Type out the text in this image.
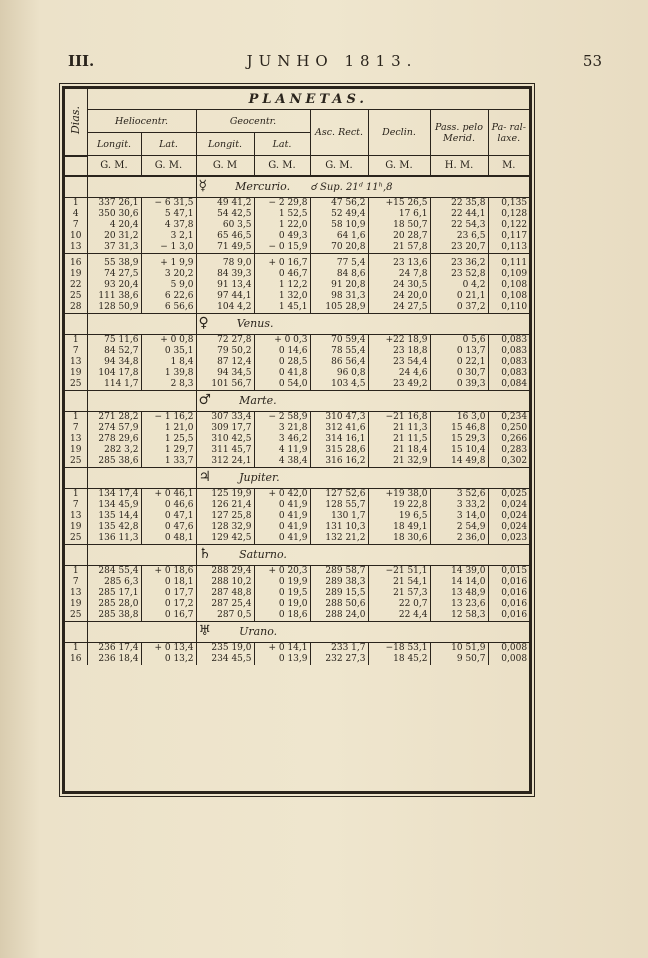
III.	JUNHO 1813.	53
Dias.	PLANETAS.							
	Heliocentr.		Geocentr.		Asc. Rect.	Declin.	Pass. pelo Merid.	Pa- ral- laxe.
	Longit.	Lat.	Longit.	Lat.				
	G. M.	G. M.	G. M	G. M.	G. M.	G. M.	H. M.	M.
			☿ Mercurio. ☌ Sup. 21ᵈ 11ʰ,8					
1	337 26,1	− 6 31,5	49 41,2	− 2 29,8	47 56,2	+15 26,5	22 35,8	0,135
4	350 30,6	5 47,1	54 42,5	1 52,5	52 49,4	17 6,1	22 44,1	0,128
7	4 20,4	4 37,8	60 3,5	1 22,0	58 10,9	18 50,7	22 54,3	0,122
10	20 31,2	3 2,1	65 46,5	0 49,3	64 1,6	20 28,7	23 6,5	0,117
13	37 31,3	− 1 3,0	71 49,5	− 0 15,9	70 20,8	21 57,8	23 20,7	0,113

16	55 38,9	+ 1 9,9	78 9,0	+ 0 16,7	77 5,4	23 13,6	23 36,2	0,111
19	74 27,5	3 20,2	84 39,3	0 46,7	84 8,6	24 7,8	23 52,8	0,109
22	93 20,4	5 9,0	91 13,4	1 12,2	91 20,8	24 30,5	0 4,2	0,108
25	111 38,6	6 22,6	97 44,1	1 32,0	98 31,3	24 20,0	0 21,1	0,108
28	128 50,9	6 56,6	104 4,2	1 45,1	105 28,9	24 27,5	0 37,2	0,110
			♀ Venus.					
1	75 11,6	+ 0 0,8	72 27,8	+ 0 0,3	70 59,4	+22 18,9	0 5,6	0,083
7	84 52,7	0 35,1	79 50,2	0 14,6	78 55,4	23 18,8	0 13,7	0,083
13	94 34,8	1 8,4	87 12,4	0 28,5	86 56,4	23 54,4	0 22,1	0,083
19	104 17,8	1 39,8	94 34,5	0 41,8	96 0,8	24 4,6	0 30,7	0,083
25	114 1,7	2 8,3	101 56,7	0 54,0	103 4,5	23 49,2	0 39,3	0,084
			♂ Marte.					
1	271 28,2	− 1 16,2	307 33,4	− 2 58,9	310 47,3	−21 16,8	16 3,0	0,234
7	274 57,9	1 21,0	309 17,7	3 21,8	312 41,6	21 11,3	15 46,8	0,250
13	278 29,6	1 25,5	310 42,5	3 46,2	314 16,1	21 11,5	15 29,3	0,266
19	282 3,2	1 29,7	311 45,7	4 11,9	315 28,6	21 18,4	15 10,4	0,283
25	285 38,6	1 33,7	312 24,1	4 38,4	316 16,2	21 32,9	14 49,8	0,302
			♃ Jupiter.					
1	134 17,4	+ 0 46,1	125 19,9	+ 0 42,0	127 52,6	+19 38,0	3 52,6	0,025
7	134 45,9	0 46,6	126 21,4	0 41,9	128 55,7	19 22,8	3 33,2	0,024
13	135 14,4	0 47,1	127 25,8	0 41,9	130 1,7	19 6,5	3 14,0	0,024
19	135 42,8	0 47,6	128 32,9	0 41,9	131 10,3	18 49,1	2 54,9	0,024
25	136 11,3	0 48,1	129 42,5	0 41,9	132 21,2	18 30,6	2 36,0	0,023
			♄ Saturno.					
1	284 55,4	+ 0 18,6	288 29,4	+ 0 20,3	289 58,7	−21 51,1	14 39,0	0,015
7	285 6,3	0 18,1	288 10,2	0 19,9	289 38,3	21 54,1	14 14,0	0,016
13	285 17,1	0 17,7	287 48,8	0 19,5	289 15,5	21 57,3	13 48,9	0,016
19	285 28,0	0 17,2	287 25,4	0 19,0	288 50,6	22 0,7	13 23,6	0,016
25	285 38,8	0 16,7	287 0,5	0 18,6	288 24,0	22 4,4	12 58,3	0,016
			♅ Urano.					
1	236 17,4	+ 0 13,4	235 19,0	+ 0 14,1	233 1,7	−18 53,1	10 51,9	0,008
16	236 18,4	0 13,2	234 45,5	0 13,9	232 27,3	18 45,2	9 50,7	0,008
